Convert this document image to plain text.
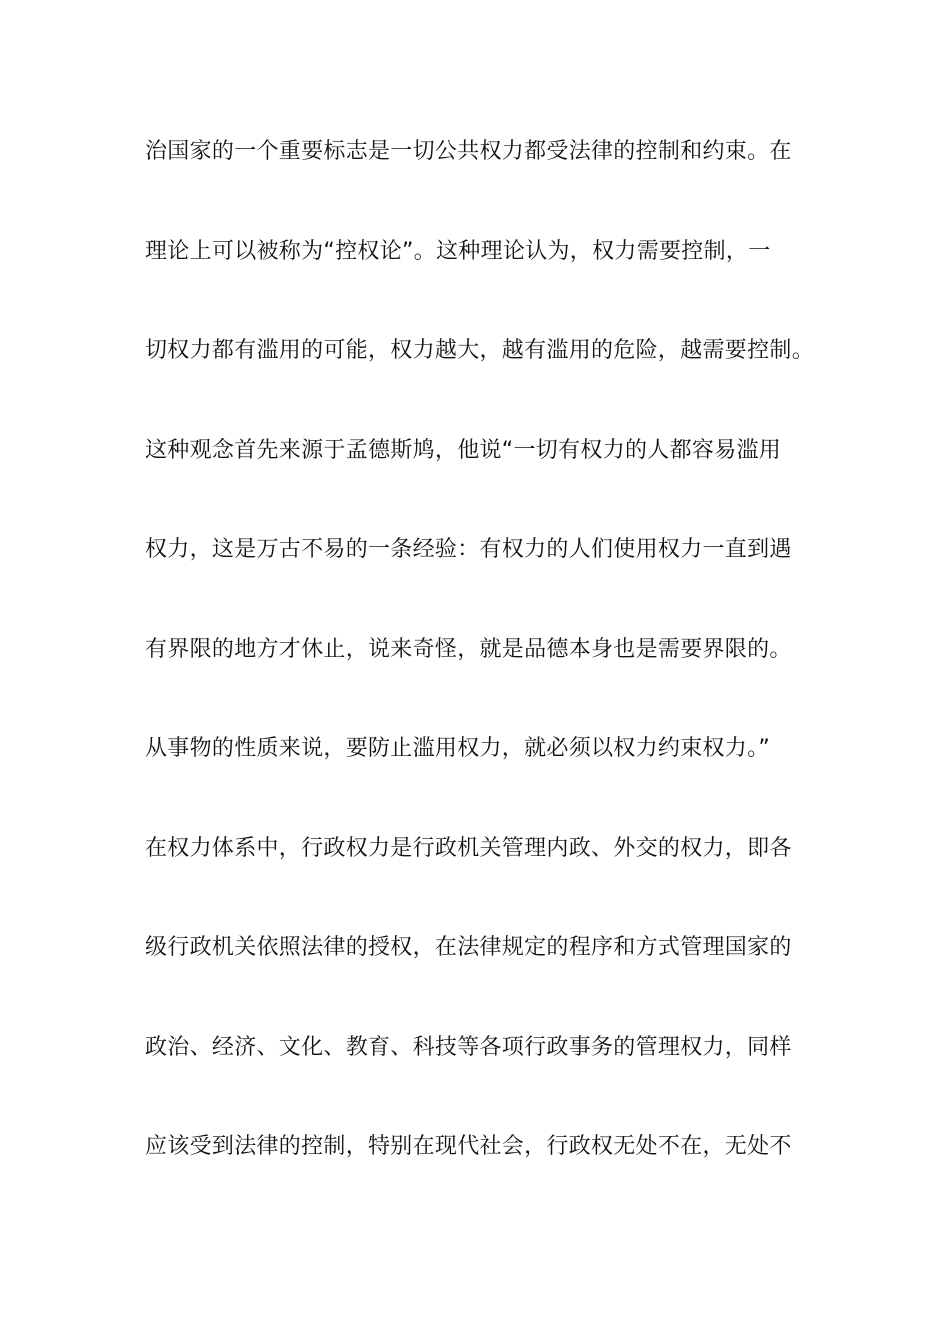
治国家的一个重要标志是一切公共权力都受法律的控制和约束。在
理论上可以被称为“控权论”。这种理论认为，权力需要控制，一
切权力都有滥用的可能，权力越大，越有滥用的危险，越需要控制。
这种观念首先来源于孟德斯鸠，他说“一切有权力的人都容易滥用
权力，这是万古不易的一条经验：有权力的人们使用权力一直到遇
有界限的地方才休止，说来奇怪，就是品德本身也是需要界限的。
从事物的性质来说，要防止滥用权力，就必须以权力约束权力。”
在权力体系中，行政权力是行政机关管理内政、外交的权力，即各
级行政机关依照法律的授权，在法律规定的程序和方式管理国家的
政治、经济、文化、教育、科技等各项行政事务的管理权力，同样
应该受到法律的控制，特别在现代社会，行政权无处不在，无处不
